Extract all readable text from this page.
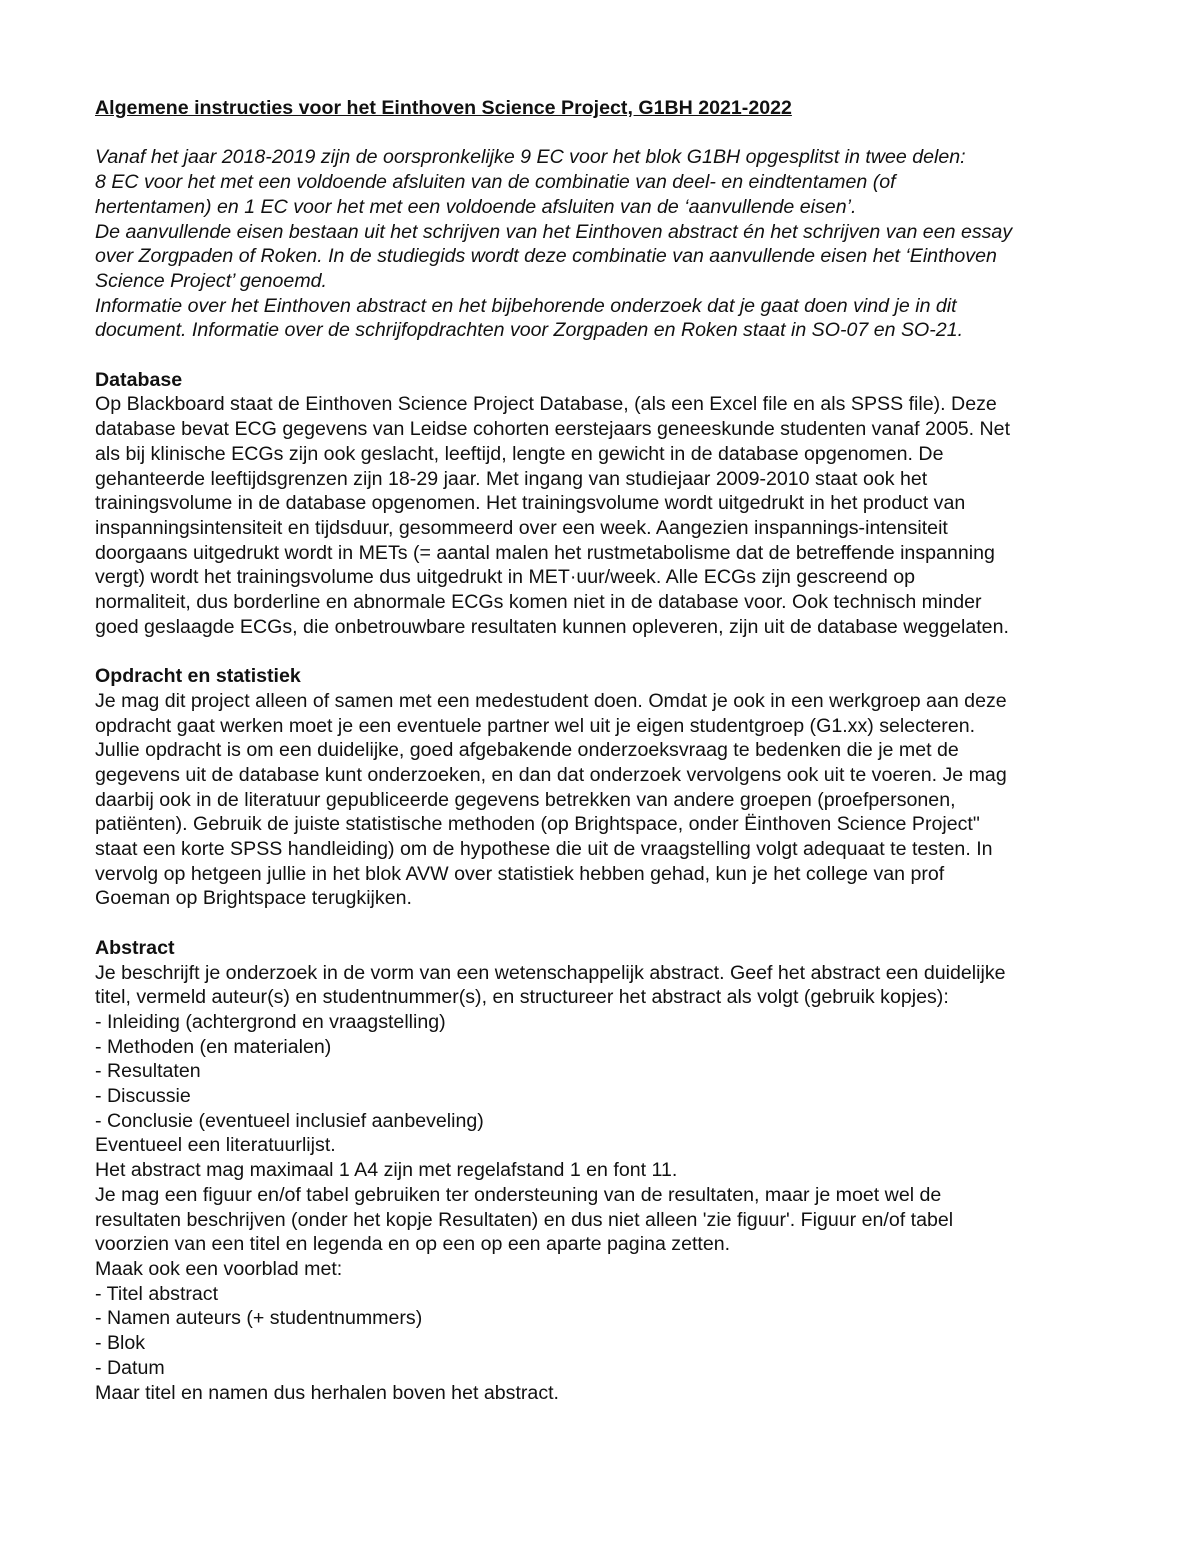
Algemene instructies voor het Einthoven Science Project, G1BH 2021-2022
Vanaf het jaar 2018-2019 zijn de oorspronkelijke 9 EC voor het blok G1BH opgesplitst in twee delen:
8 EC voor het met een voldoende afsluiten van de combinatie van deel- en eindtentamen (of
hertentamen) en 1 EC voor het met een voldoende afsluiten van de ‘aanvullende eisen’.
De aanvullende eisen bestaan uit het schrijven van het Einthoven abstract én het schrijven van een essay
over Zorgpaden of Roken. In de studiegids wordt deze combinatie van aanvullende eisen het ‘Einthoven
Science Project’ genoemd.
Informatie over het Einthoven abstract en het bijbehorende onderzoek dat je gaat doen vind je in dit
document. Informatie over de schrijfopdrachten voor Zorgpaden en Roken staat in SO-07 en SO-21.
Database
Op Blackboard staat de Einthoven Science Project Database, (als een Excel file en als SPSS file). Deze
database bevat ECG gegevens van Leidse cohorten eerstejaars geneeskunde studenten vanaf 2005. Net
als bij klinische ECGs zijn ook geslacht, leeftijd, lengte en gewicht in de database opgenomen. De
gehanteerde leeftijdsgrenzen zijn 18-29 jaar. Met ingang van studiejaar 2009-2010 staat ook het
trainingsvolume in de database opgenomen. Het trainingsvolume wordt uitgedrukt in het product van
inspanningsintensiteit en tijdsduur, gesommeerd over een week. Aangezien inspannings-intensiteit
doorgaans uitgedrukt wordt in METs (= aantal malen het rustmetabolisme dat de betreffende inspanning
vergt) wordt het trainingsvolume dus uitgedrukt in MET·uur/week. Alle ECGs zijn gescreend op
normaliteit, dus borderline en abnormale ECGs komen niet in de database voor. Ook technisch minder
goed geslaagde ECGs, die onbetrouwbare resultaten kunnen opleveren, zijn uit de database weggelaten.
Opdracht en statistiek
Je mag dit project alleen of samen met een medestudent doen. Omdat je ook in een werkgroep aan deze
opdracht gaat werken moet je een eventuele partner wel uit je eigen studentgroep (G1.xx) selecteren.
Jullie opdracht is om een duidelijke, goed afgebakende onderzoeksvraag te bedenken die je met de
gegevens uit de database kunt onderzoeken, en dan dat onderzoek vervolgens ook uit te voeren. Je mag
daarbij ook in de literatuur gepubliceerde gegevens betrekken van andere groepen (proefpersonen,
patiënten). Gebruik de juiste statistische methoden (op Brightspace, onder Ëinthoven Science Project"
staat een korte SPSS handleiding) om de hypothese die uit de vraagstelling volgt adequaat te testen. In
vervolg op hetgeen jullie in het blok AVW over statistiek hebben gehad, kun je het college van prof
Goeman op Brightspace terugkijken.
Abstract
Je beschrijft je onderzoek in de vorm van een wetenschappelijk abstract. Geef het abstract een duidelijke
titel, vermeld auteur(s) en studentnummer(s), en structureer het abstract als volgt (gebruik kopjes):
- Inleiding (achtergrond en vraagstelling)
- Methoden (en materialen)
- Resultaten
- Discussie
- Conclusie (eventueel inclusief aanbeveling)
Eventueel een literatuurlijst.
Het abstract mag maximaal 1 A4 zijn met regelafstand 1 en font 11.
Je mag een figuur en/of tabel gebruiken ter ondersteuning van de resultaten, maar je moet wel de
resultaten beschrijven (onder het kopje Resultaten) en dus niet alleen 'zie figuur'. Figuur en/of tabel
voorzien van een titel en legenda en op een op een aparte pagina zetten.
Maak ook een voorblad met:
- Titel abstract
- Namen auteurs (+ studentnummers)
- Blok
- Datum
Maar titel en namen dus herhalen boven het abstract.
